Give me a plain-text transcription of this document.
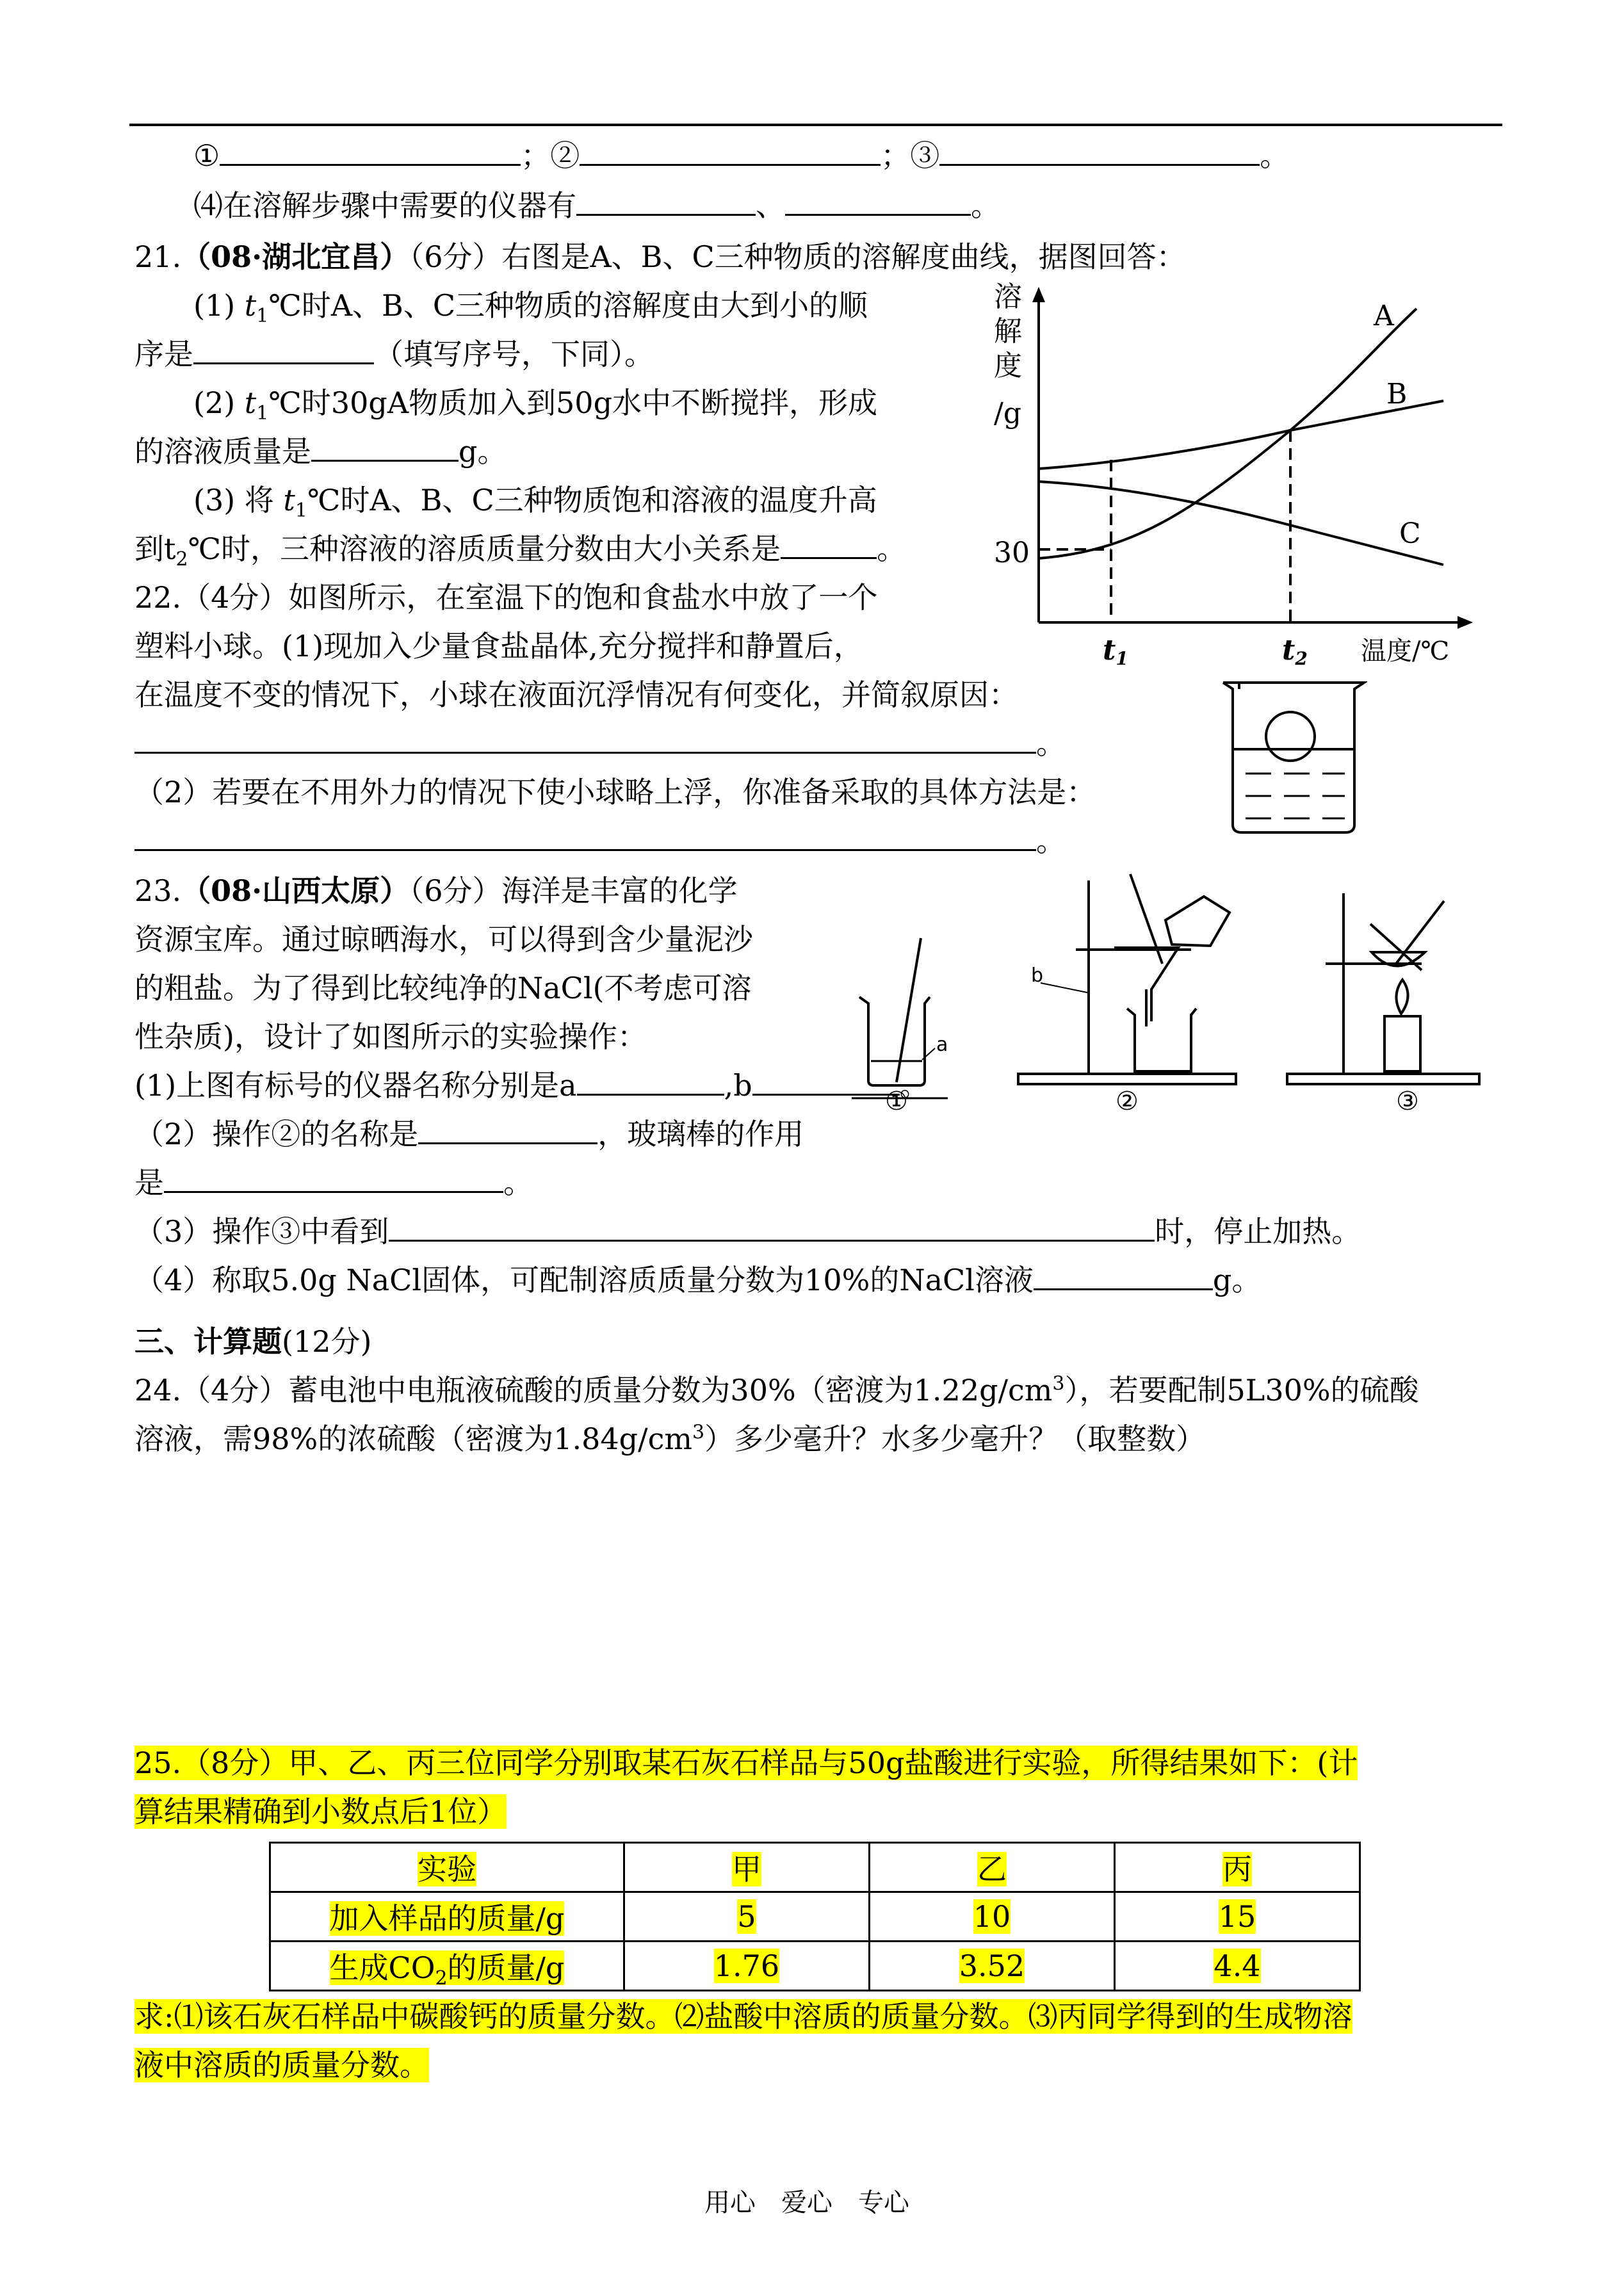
①	；②	；③	。
⑷在溶解步骤中需要的仪器有	、	。
21.（08·湖北宜昌）（6分）右图是A、B、C三种物质的溶解度曲线，据图回答：
(1) $t_1℃$时A、B、C三种物质的溶解度由大到小的顺
序是	（填写序号，下同）。
(2) $t_1℃$时30gA物质加入到50g水中不断搅拌，形成
的溶液质量是	g。
(3) 将 $t_1℃$时A、B、C三种物质饱和溶液的温度升高
到$t_2℃$时，三种溶液的溶质质量分数由大小关系是	。
溶
解
度
/g
30
t1	t2 温度/℃
A
B
C
22.（4分）如图所示，在室温下的饱和食盐水中放了一个
塑料小球。(1)现加入少量食盐晶体,充分搅拌和静置后，
在温度不变的情况下，小球在液面沉浮情况有何变化，并简叙原因：
。
（2）若要在不用外力的情况下使小球略上浮，你准备采取的具体方法是：
。
23.（08·山西太原）（6分）海洋是丰富的化学
资源宝库。通过晾晒海水，可以得到含少量泥沙
的粗盐。为了得到比较纯净的NaCl(不考虑可溶
性杂质)，设计了如图所示的实验操作：
(1)上图有标号的仪器名称分别是a	,b	。
（2）操作②的名称是	，玻璃棒的作用
是	。
（3）操作③中看到	时，停止加热。
（4）称取5.0g NaCl固体，可配制溶质质量分数为10%的NaCl溶液	g。
a
①
b
②	③
三、计算题(12分)
24.（4分）蓄电池中电瓶液硫酸的质量分数为30%（密渡为$1.22g/cm^3$），若要配制5L30%的硫酸
溶液，需98%的浓硫酸（密渡为$1.84g/cm^3$）多少毫升？水多少毫升？（取整数）
25.（8分）甲、乙、丙三位同学分别取某石灰石样品与50g盐酸进行实验，所得结果如下：(计
算结果精确到小数点后1位）
实验	甲	乙	丙
加入样品的质量/g	5	10	15
生成$CO_2$的质量/g	1.76	3.52	4.4
求:⑴该石灰石样品中碳酸钙的质量分数。⑵盐酸中溶质的质量分数。⑶丙同学得到的生成物溶
液中溶质的质量分数。
用心　爱心　专心
